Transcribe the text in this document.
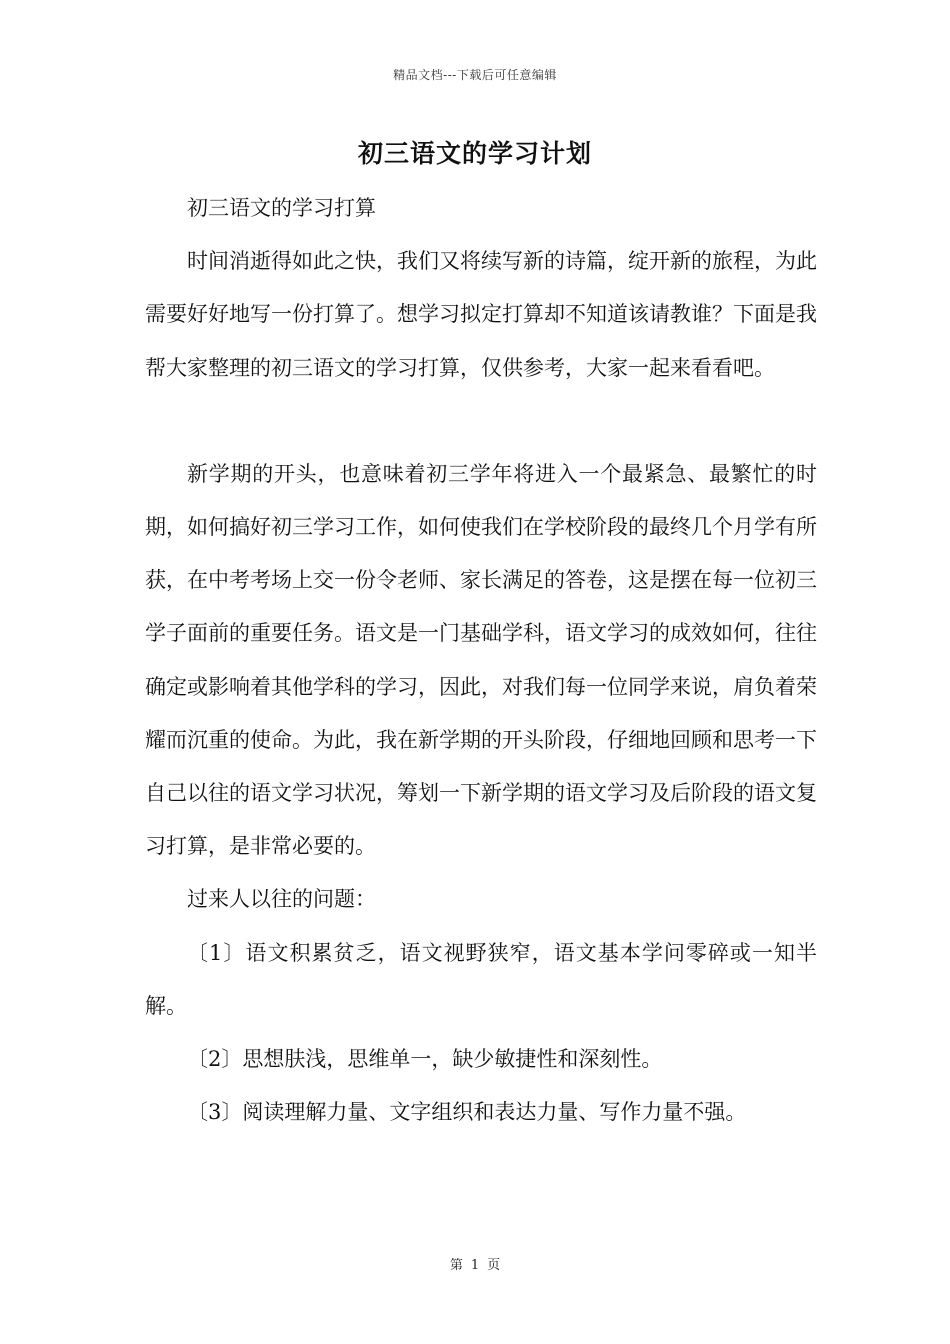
精品文档---下载后可任意编辑
初三语文的学习计划

初三语文的学习打算

时间消逝得如此之快，我们又将续写新的诗篇，绽开新的旅程，为此需要好好地写一份打算了。想学习拟定打算却不知道该请教谁？下面是我帮大家整理的初三语文的学习打算，仅供参考，大家一起来看看吧。

新学期的开头，也意味着初三学年将进入一个最紧急、最繁忙的时期，如何搞好初三学习工作，如何使我们在学校阶段的最终几个月学有所获，在中考考场上交一份令老师、家长满足的答卷，这是摆在每一位初三学子面前的重要任务。语文是一门基础学科，语文学习的成效如何，往往确定或影响着其他学科的学习，因此，对我们每一位同学来说，肩负着荣耀而沉重的使命。为此，我在新学期的开头阶段，仔细地回顾和思考一下自己以往的语文学习状况，筹划一下新学期的语文学习及后阶段的语文复习打算，是非常必要的。

过来人以往的问题：

〔1〕语文积累贫乏，语文视野狭窄，语文基本学问零碎或一知半解。

〔2〕思想肤浅，思维单一，缺少敏捷性和深刻性。

〔3〕阅读理解力量、文字组织和表达力量、写作力量不强。

第 1 页
